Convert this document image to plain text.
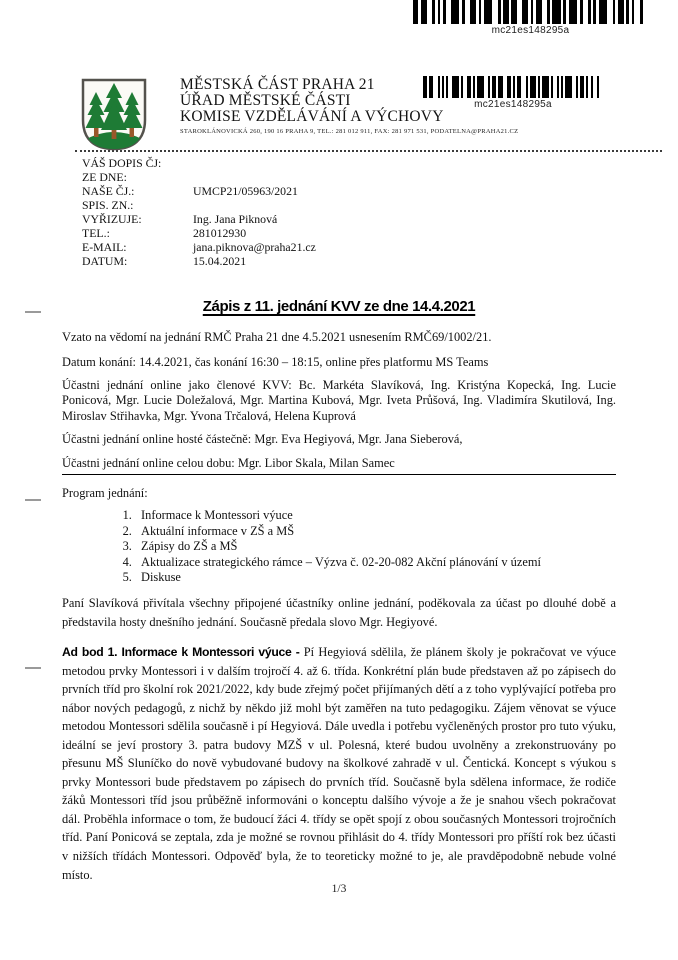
mc21es148295a
MĚSTSKÁ ČÁST PRAHA 21
ÚŘAD MĚSTSKÉ ČÁSTI
KOMISE VZDĚLÁVÁNÍ A VÝCHOVY
STAROKLÁNOVICKÁ 260, 190 16 PRAHA 9, TEL.: 281 012 911, FAX: 281 971 531, PODATELNA@PRAHA21.CZ
mc21es148295a
VÁŠ DOPIS ČJ:
ZE DNE:
NAŠE ČJ.:	UMCP21/05963/2021
SPIS. ZN.:
VYŘIZUJE:	Ing. Jana Piknová
TEL.:	281012930
E-MAIL:	jana.piknova@praha21.cz
DATUM:	15.04.2021
Zápis z 11. jednání KVV ze dne 14.4.2021
Vzato na vědomí na jednání RMČ Praha 21 dne 4.5.2021 usnesením RMČ69/1002/21.
Datum konání: 14.4.2021, čas konání 16:30 – 18:15, online přes platformu MS Teams
Účastni jednání online jako členové KVV: Bc. Markéta Slavíková, Ing. Kristýna Kopecká, Ing. Lucie Ponicová, Mgr. Lucie Doležalová, Mgr. Martina Kubová, Mgr. Iveta Průšová, Ing. Vladimíra Skutilová, Ing. Miroslav Střihavka, Mgr. Yvona Trčalová, Helena Kuprová
Účastni jednání online hosté částečně: Mgr. Eva Hegiyová, Mgr. Jana Sieberová,
Účastni jednání online celou dobu: Mgr. Libor Skala, Milan Samec
Program jednání:
1. Informace k Montessori výuce
2. Aktuální informace v ZŠ a MŠ
3. Zápisy do ZŠ a MŠ
4. Aktualizace strategického rámce – Výzva č. 02-20-082 Akční plánování v území
5. Diskuse
Paní Slavíková přivítala všechny připojené účastníky online jednání, poděkovala za účast po dlouhé době a představila hosty dnešního jednání. Současně předala slovo Mgr. Hegiyové.
Ad bod 1. Informace k Montessori výuce - Pí Hegyiová sdělila, že plánem školy je pokračovat ve výuce metodou prvky Montessori i v dalším trojročí 4. až 6. třída. Konkrétní plán bude představen až po zápisech do prvních tříd pro školní rok 2021/2022, kdy bude zřejmý počet přijímaných dětí a z toho vyplývající potřeba pro nábor nových pedagogů, z nichž by někdo již mohl být zaměřen na tuto pedagogiku. Zájem věnovat se výuce metodou Montessori sdělila současně i pí Hegyiová. Dále uvedla i potřebu vyčleněných prostor pro tuto výuku, ideální se jeví prostory 3. patra budovy MZŠ v ul. Polesná, které budou uvolněny a zrekonstruovány po přesunu MŠ Sluníčko do nově vybudované budovy na školkové zahradě v ul. Čentická. Koncept s výukou s prvky Montessori bude představem po zápisech do prvních tříd. Současně byla sdělena informace, že rodiče žáků Montessori tříd jsou průběžně informováni o konceptu dalšího vývoje a že je snahou všech pokračovat dál. Proběhla informace o tom, že budoucí žáci 4. třídy se opět spojí z obou současných Montessori trojročních tříd. Paní Ponicová se zeptala, zda je možné se rovnou přihlásit do 4. třídy Montessori pro příští rok bez účasti v nižších třídách Montessori. Odpověď byla, že to teoreticky možné to je, ale pravděpodobně nebude volné místo.
1/3
